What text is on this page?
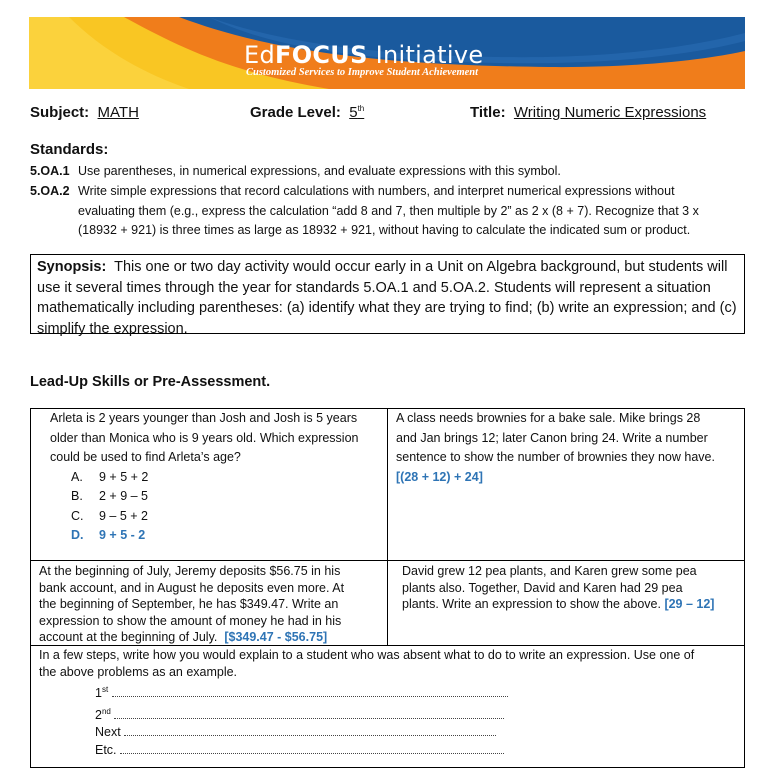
EdFOCUS Initiative
Customized Services to Improve Student Achievement
Subject: MATH	Grade Level: 5th	Title: Writing Numeric Expressions
Standards:
5.OA.1 Use parentheses, in numerical expressions, and evaluate expressions with this symbol.
5.OA.2 Write simple expressions that record calculations with numbers, and interpret numerical expressions without
evaluating them (e.g., express the calculation “add 8 and 7, then multiple by 2” as 2 x (8 + 7). Recognize that 3 x
(18932 + 921) is three times as large as 18932 + 921, without having to calculate the indicated sum or product.
Synopsis: This one or two day activity would occur early in a Unit on Algebra background, but students will use it several times through the year for standards 5.OA.1 and 5.OA.2. Students will represent a situation mathematically including parentheses: (a) identify what they are trying to find; (b) write an expression; and (c) simplify the expression.
Lead-Up Skills or Pre-Assessment.
Arleta is 2 years younger than Josh and Josh is 5 years
older than Monica who is 9 years old. Which expression
could be used to find Arleta’s age?
A. 9 + 5 + 2
B. 2 + 9 – 5
C. 9 – 5 + 2
D. 9 + 5 - 2
A class needs brownies for a bake sale. Mike brings 28
and Jan brings 12; later Canon bring 24. Write a number
sentence to show the number of brownies they now have.
[(28 + 12) + 24]
At the beginning of July, Jeremy deposits $56.75 in his
bank account, and in August he deposits even more. At
the beginning of September, he has $349.47. Write an
expression to show the amount of money he had in his
account at the beginning of July. [$349.47 - $56.75]
David grew 12 pea plants, and Karen grew some pea
plants also. Together, David and Karen had 29 pea
plants. Write an expression to show the above. [29 – 12]
In a few steps, write how you would explain to a student who was absent what to do to write an expression. Use one of
the above problems as an example.
1st
2nd
Next
Etc.
